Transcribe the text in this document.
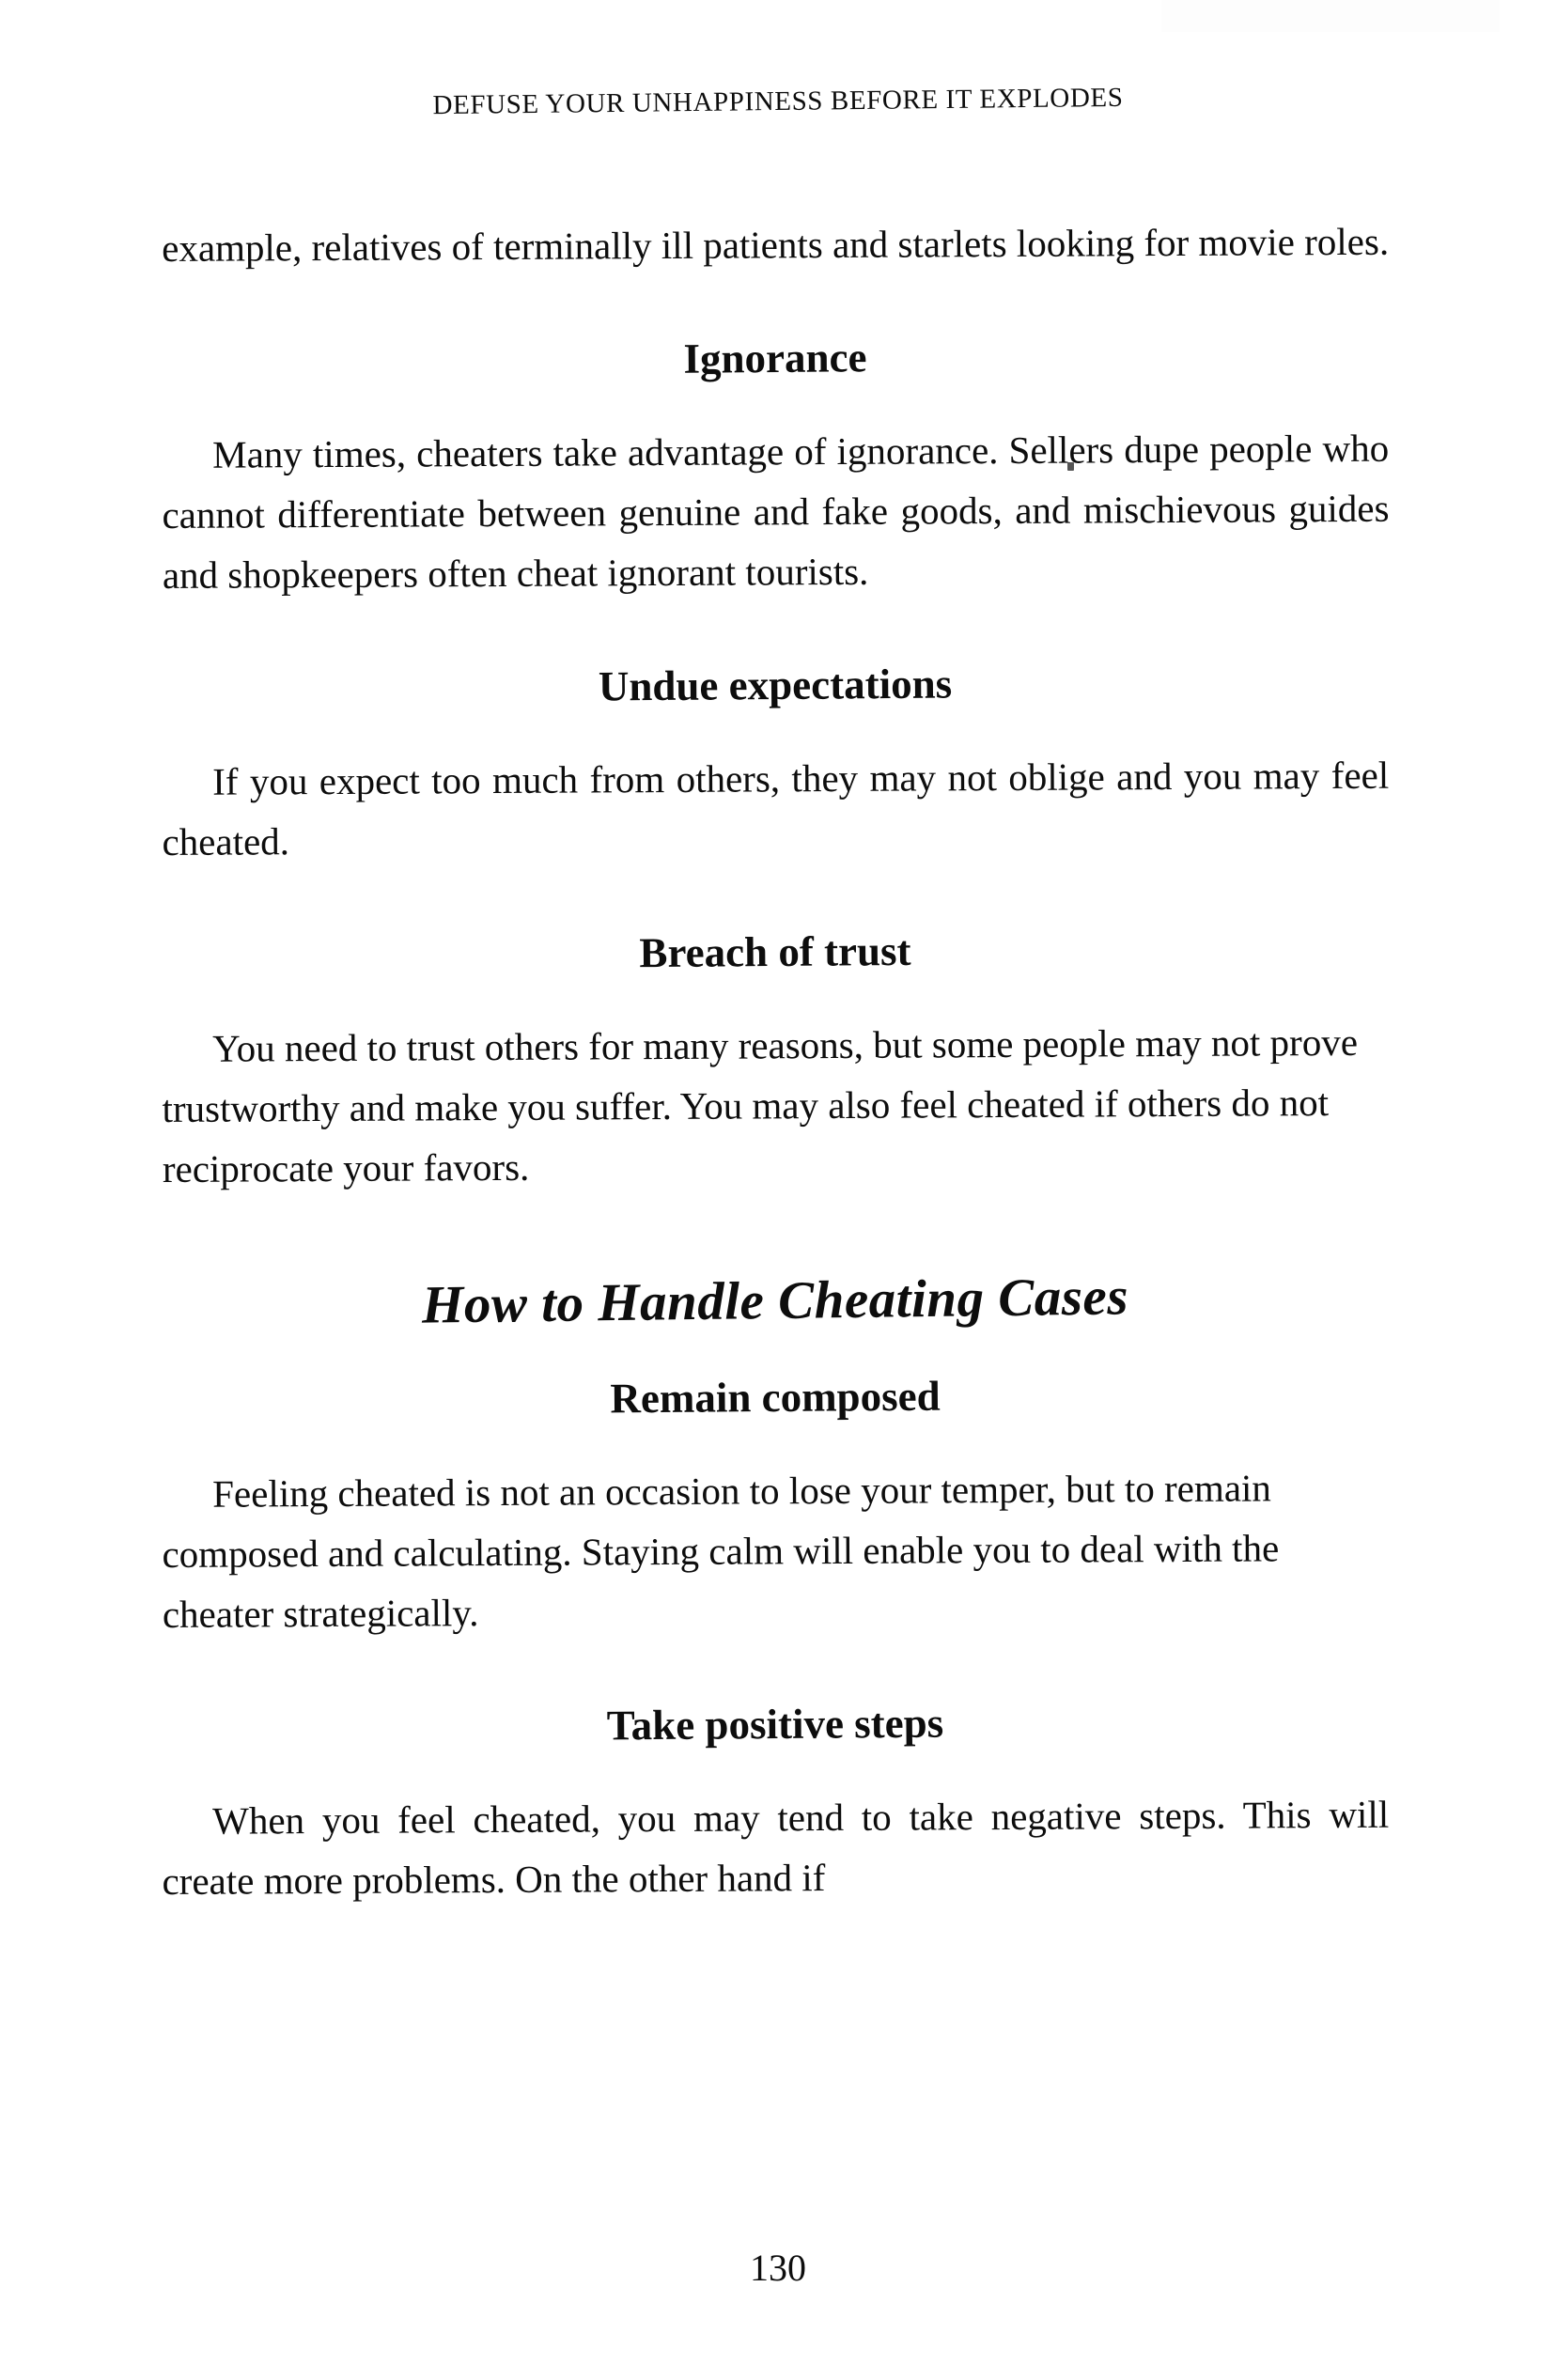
DEFUSE YOUR UNHAPPINESS BEFORE IT EXPLODES

example, relatives of terminally ill patients and starlets looking for movie roles.

Ignorance

Many times, cheaters take advantage of ignorance. Sellers dupe people who cannot differentiate between genuine and fake goods, and mischievous guides and shopkeepers often cheat ignorant tourists.

Undue expectations

If you expect too much from others, they may not oblige and you may feel cheated.

Breach of trust

You need to trust others for many reasons, but some people may not prove trustworthy and make you suffer. You may also feel cheated if others do not reciprocate your favors.

How to Handle Cheating Cases
Remain composed

Feeling cheated is not an occasion to lose your temper, but to remain composed and calculating. Staying calm will enable you to deal with the cheater strategically.

Take positive steps

When you feel cheated, you may tend to take negative steps. This will create more problems. On the other hand if

130
